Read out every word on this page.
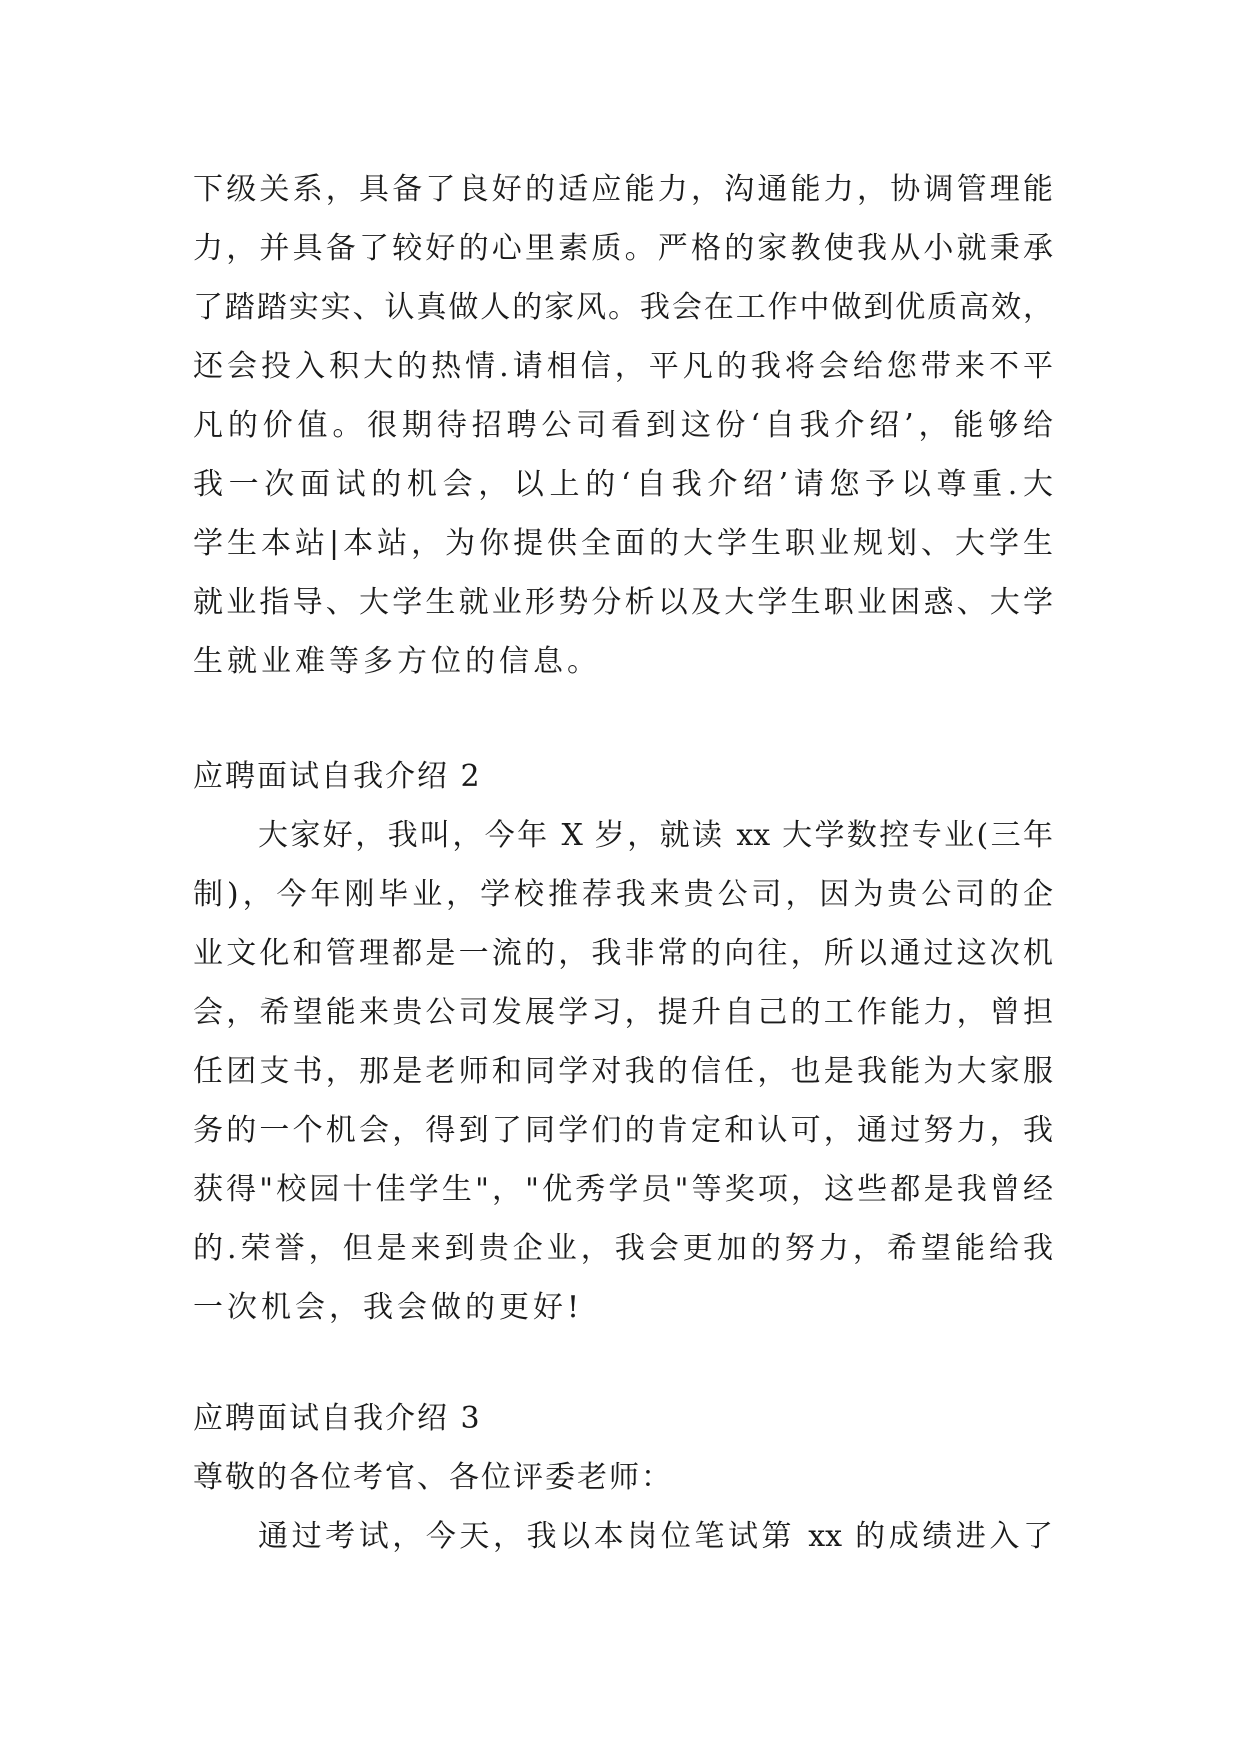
下级关系，具备了良好的适应能力，沟通能力，协调管理能
力，并具备了较好的心里素质。严格的家教使我从小就秉承
了踏踏实实、认真做人的家风。我会在工作中做到优质高效，
还会投入积大的热情.请相信，平凡的我将会给您带来不平
凡的价值。很期待招聘公司看到这份‘自我介绍’，能够给
我一次面试的机会，以上的‘自我介绍’请您予以尊重.大
学生本站|本站，为你提供全面的大学生职业规划、大学生
就业指导、大学生就业形势分析以及大学生职业困惑、大学
生就业难等多方位的信息。
应聘面试自我介绍 2
大家好，我叫，今年 X 岁，就读 xx 大学数控专业(三年
制)，今年刚毕业，学校推荐我来贵公司，因为贵公司的企
业文化和管理都是一流的，我非常的向往，所以通过这次机
会，希望能来贵公司发展学习，提升自己的工作能力，曾担
任团支书，那是老师和同学对我的信任，也是我能为大家服
务的一个机会，得到了同学们的肯定和认可，通过努力，我
获得"校园十佳学生"，"优秀学员"等奖项，这些都是我曾经
的.荣誉，但是来到贵企业，我会更加的努力，希望能给我
一次机会，我会做的更好!
应聘面试自我介绍 3
尊敬的各位考官、各位评委老师：
通过考试，今天，我以本岗位笔试第 xx 的成绩进入了
